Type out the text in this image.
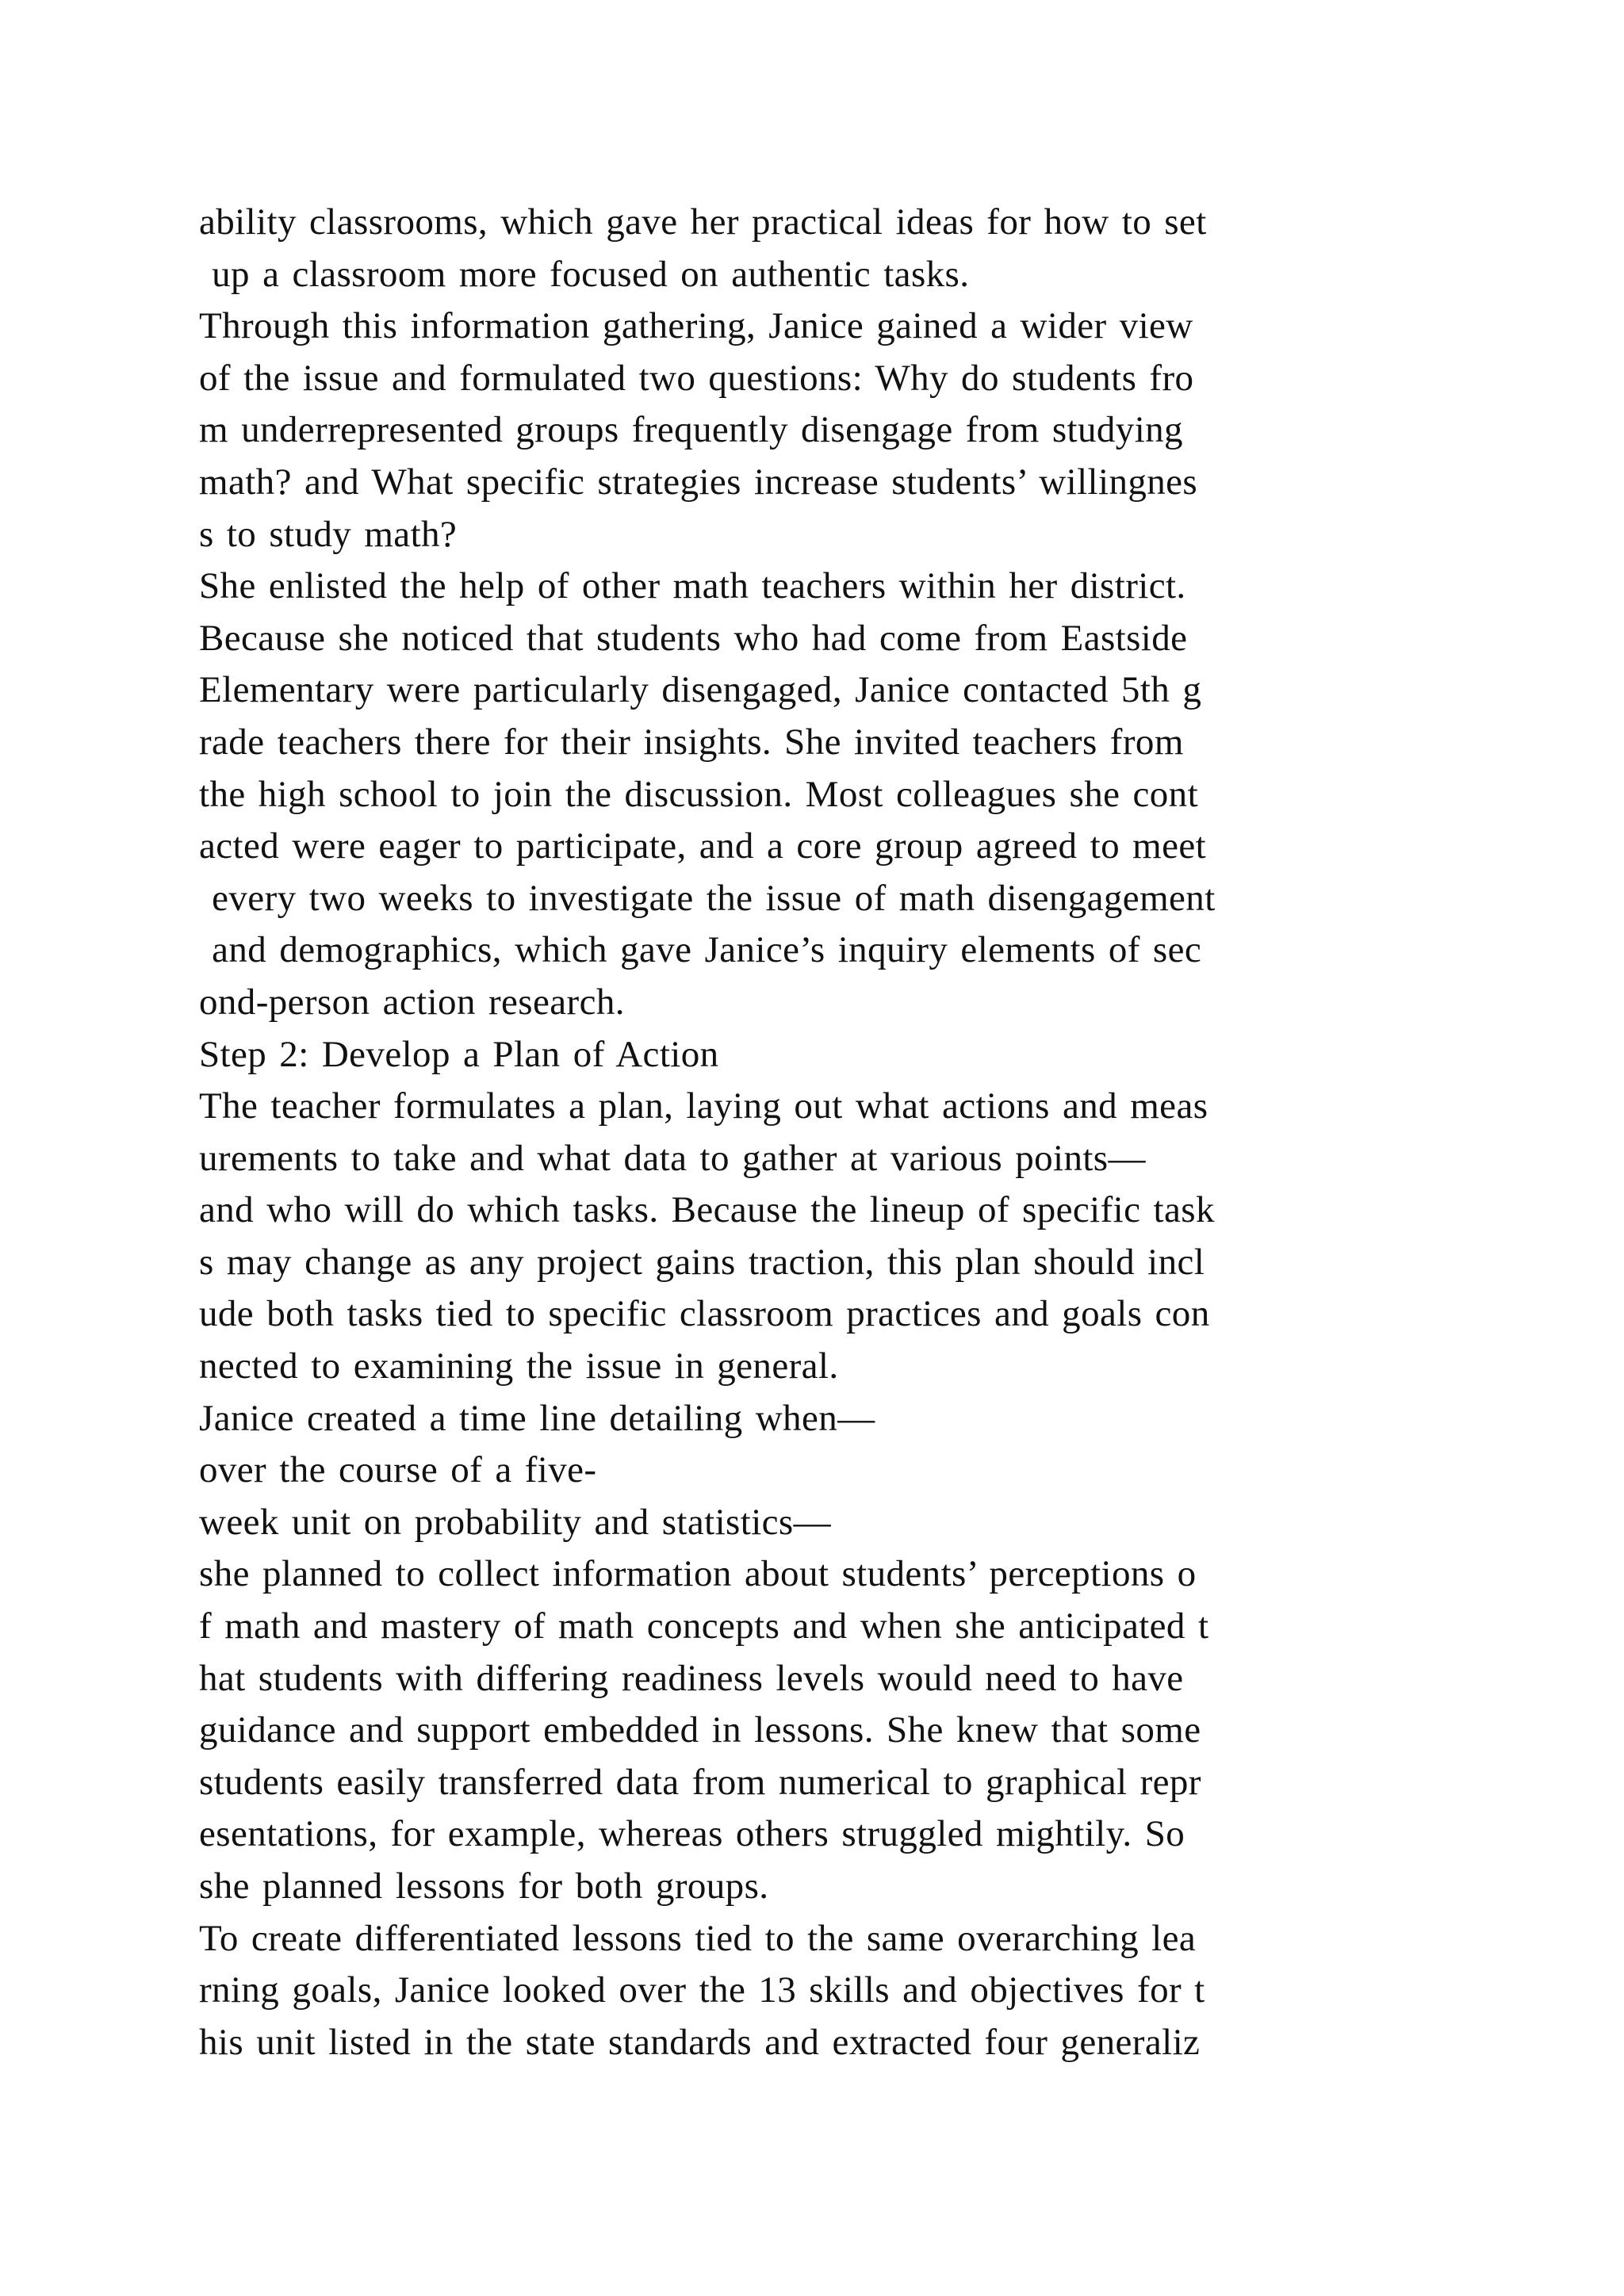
ability classrooms, which gave her practical ideas for how to set
up a classroom more focused on authentic tasks.
Through this information gathering, Janice gained a wider view
of the issue and formulated two questions: Why do students fro
m underrepresented groups frequently disengage from studying
math? and What specific strategies increase students’ willingnes
s to study math?
She enlisted the help of other math teachers within her district.
Because she noticed that students who had come from Eastside
Elementary were particularly disengaged, Janice contacted 5th g
rade teachers there for their insights. She invited teachers from
the high school to join the discussion. Most colleagues she cont
acted were eager to participate, and a core group agreed to meet
every two weeks to investigate the issue of math disengagement
and demographics, which gave Janice’s inquiry elements of sec
ond-person action research.
Step 2: Develop a Plan of Action
The teacher formulates a plan, laying out what actions and meas
urements to take and what data to gather at various points—
and who will do which tasks. Because the lineup of specific task
s may change as any project gains traction, this plan should incl
ude both tasks tied to specific classroom practices and goals con
nected to examining the issue in general.
Janice created a time line detailing when—
over the course of a five-
week unit on probability and statistics—
she planned to collect information about students’ perceptions o
f math and mastery of math concepts and when she anticipated t
hat students with differing readiness levels would need to have
guidance and support embedded in lessons. She knew that some
students easily transferred data from numerical to graphical repr
esentations, for example, whereas others struggled mightily. So
she planned lessons for both groups.
To create differentiated lessons tied to the same overarching lea
rning goals, Janice looked over the 13 skills and objectives for t
his unit listed in the state standards and extracted four generaliz
